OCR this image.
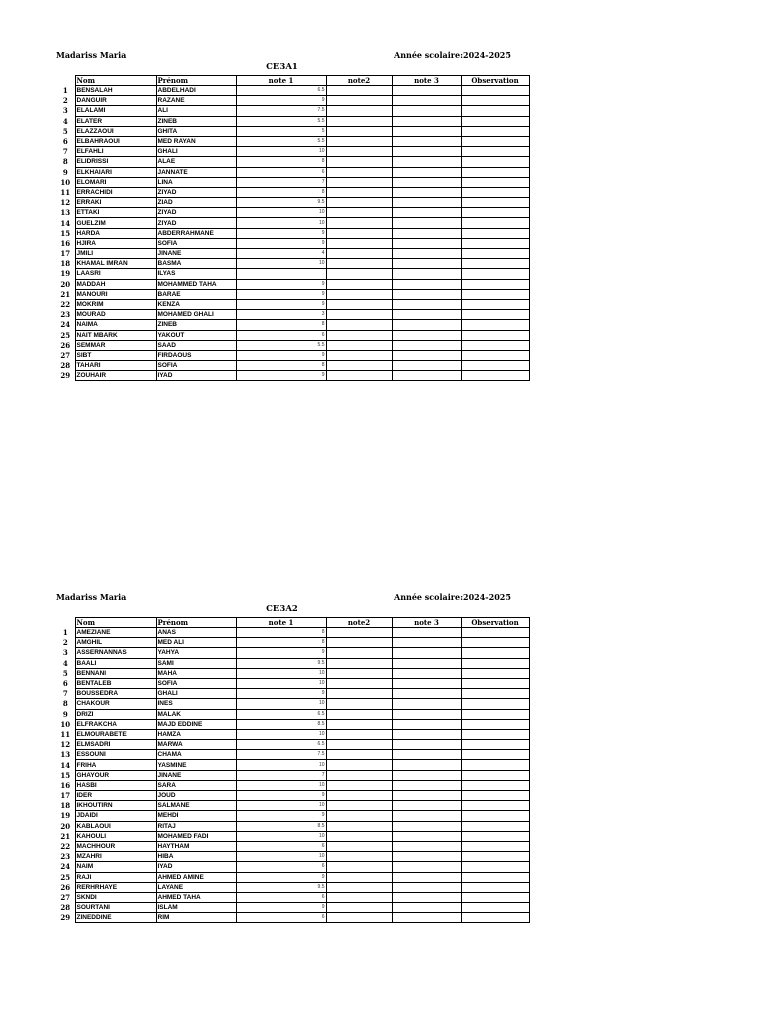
Madariss Maria	Année scolaire:2024-2025
CE3A1
	Nom	Prénom	note 1	note2	note 3	Observation
1	BENSALAH	ABDELHADI	6.5			
2	DANGUIR	RAZANE	9			
3	ELALAMI	ALI	7.5			
4	ELATER	ZINEB	5.5			
5	ELAZZAOUI	GHITA	5			
6	ELBAHRAOUI	MED RAYAN	5.5			
7	ELFAHLI	GHALI	10			
8	ELIDRISSI	ALAE	8			
9	ELKHAIARI	JANNATE	6			
10	ELOMARI	LINA	7			
11	ERRACHIDI	ZIYAD	8			
12	ERRAKI	ZIAD	9.5			
13	ETTAKI	ZIYAD	10			
14	GUELZIM	ZIYAD	10			
15	HARDA	ABDERRAHMANE	9			
16	HJIRA	SOFIA	9			
17	JMILI	JINANE	4			
18	KHAMAL IMRAN	BASMA	10			
19	LAASRI	ILYAS				
20	MADDAH	MOHAMMED TAHA	9			
21	MANOURI	BARAE	9			
22	MOKRIM	KENZA	9			
23	MOURAD	MOHAMED GHALI	3			
24	NAIMA	ZINEB	8			
25	NAIT MBARK	YAKOUT	6			
26	SEMMAR	SAAD	5.5			
27	SIBT	FIRDAOUS	9			
28	TAHARI	SOFIA	8			
29	ZOUHAIR	IYAD	9			
Madariss Maria	Année scolaire:2024-2025
CE3A2
	Nom	Prénom	note 1	note2	note 3	Observation
1	AMEZIANE	ANAS	8			
2	AMGHIL	MED ALI	8			
3	ASSERNANNAS	YAHYA	9			
4	BAALI	SAMI	9.5			
5	BENNANI	MAHA	10			
6	BENTALEB	SOFIA	10			
7	BOUSSEDRA	GHALI	9			
8	CHAKOUR	INES	10			
9	DRIZI	MALAK	6.5			
10	ELFRAKCHA	MAJD EDDINE	8.5			
11	ELMOURABETE	HAMZA	10			
12	ELMSADRI	MARWA	6.5			
13	ESSOUNI	CHAMA	7.5			
14	FRIHA	YASMINE	10			
15	GHAYOUR	JINANE	7			
16	HASBI	SARA	10			
17	IDER	JOUD	9			
18	IKHOUTIRN	SALMANE	10			
19	JDAIDI	MEHDI	9			
20	KABLAOUI	RITAJ	8.5			
21	KAHOULI	MOHAMED FADI	10			
22	MACHHOUR	HAYTHAM	6			
23	MZAHRI	HIBA	10			
24	NAIM	IYAD	6			
25	RAJI	AHMED AMINE	9			
26	RERHRHAYE	LAYANE	9.5			
27	SKNDI	AHMED TAHA	6			
28	SOURTANI	ISLAM	9			
29	ZINEDDINE	RIM	6			
